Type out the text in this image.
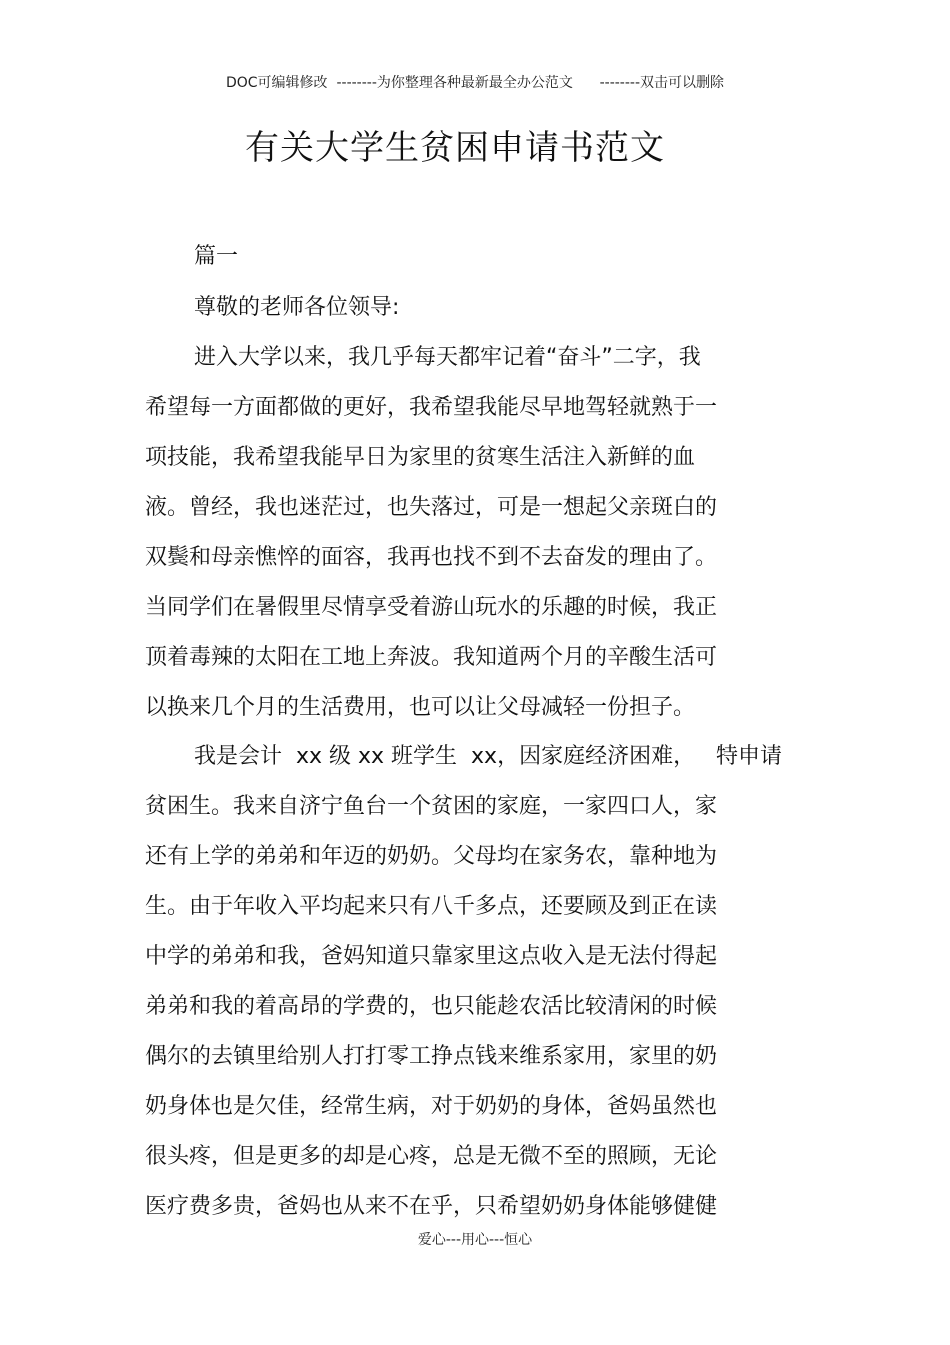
DOC可编辑修改 --------为你整理各种最新最全办公范文 --------双击可以删除
有关大学生贫困申请书范文
篇一
尊敬的老师各位领导:
进入大学以来，我几乎每天都牢记着“奋斗”二字，我
希望每一方面都做的更好，我希望我能尽早地驾轻就熟于一
项技能，我希望我能早日为家里的贫寒生活注入新鲜的血
液。曾经，我也迷茫过，也失落过，可是一想起父亲斑白的
双鬓和母亲憔悴的面容，我再也找不到不去奋发的理由了。
当同学们在暑假里尽情享受着游山玩水的乐趣的时候，我正
顶着毒辣的太阳在工地上奔波。我知道两个月的辛酸生活可
以换来几个月的生活费用，也可以让父母减轻一份担子。
我是会计  xx 级 xx 班学生  xx，因家庭经济困难，   特申请
贫困生。我来自济宁鱼台一个贫困的家庭，一家四口人，家
还有上学的弟弟和年迈的奶奶。父母均在家务农，靠种地为
生。由于年收入平均起来只有八千多点，还要顾及到正在读
中学的弟弟和我，爸妈知道只靠家里这点收入是无法付得起
弟弟和我的着高昂的学费的，也只能趁农活比较清闲的时候
偶尔的去镇里给别人打打零工挣点钱来维系家用，家里的奶
奶身体也是欠佳，经常生病，对于奶奶的身体，爸妈虽然也
很头疼，但是更多的却是心疼，总是无微不至的照顾，无论
医疗费多贵，爸妈也从来不在乎，只希望奶奶身体能够健健
爱心---用心---恒心
